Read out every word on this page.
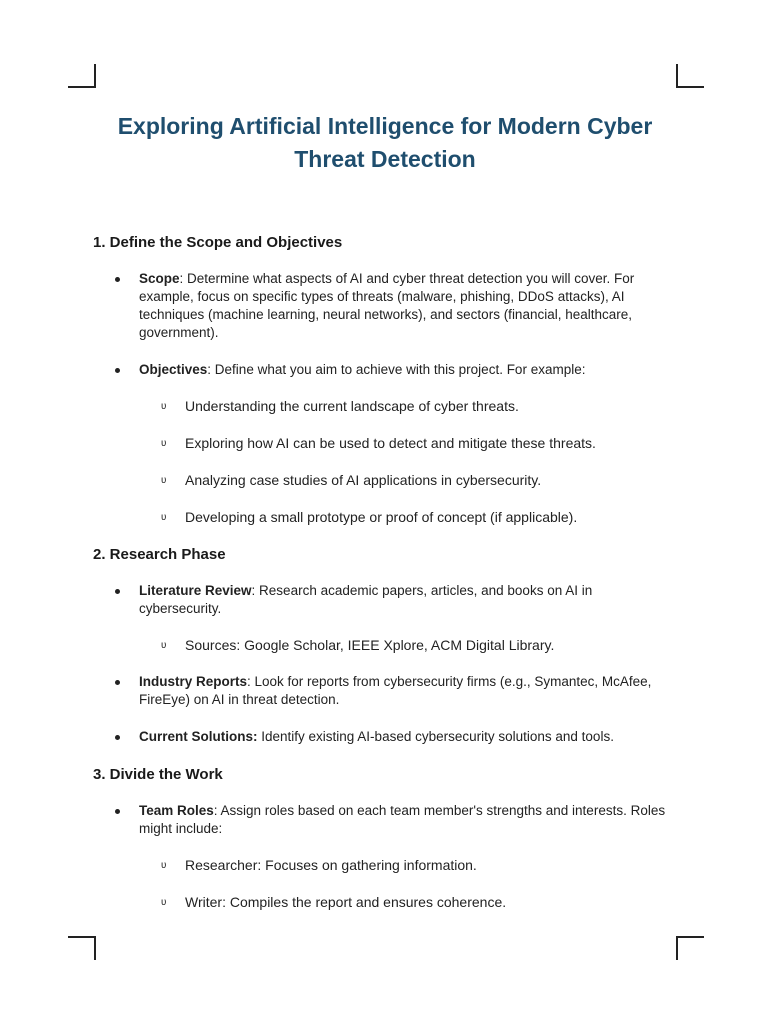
Exploring Artificial Intelligence for Modern Cyber Threat Detection
1. Define the Scope and Objectives
Scope: Determine what aspects of AI and cyber threat detection you will cover. For example, focus on specific types of threats (malware, phishing, DDoS attacks), AI techniques (machine learning, neural networks), and sectors (financial, healthcare, government).
Objectives: Define what you aim to achieve with this project. For example:
ʋ Understanding the current landscape of cyber threats.
ʋ Exploring how AI can be used to detect and mitigate these threats.
ʋ Analyzing case studies of AI applications in cybersecurity.
ʋ Developing a small prototype or proof of concept (if applicable).
2. Research Phase
Literature Review: Research academic papers, articles, and books on AI in cybersecurity.
ʋ Sources: Google Scholar, IEEE Xplore, ACM Digital Library.
Industry Reports: Look for reports from cybersecurity firms (e.g., Symantec, McAfee, FireEye) on AI in threat detection.
Current Solutions: Identify existing AI-based cybersecurity solutions and tools.
3. Divide the Work
Team Roles: Assign roles based on each team member's strengths and interests. Roles might include:
ʋ Researcher: Focuses on gathering information.
ʋ Writer: Compiles the report and ensures coherence.
